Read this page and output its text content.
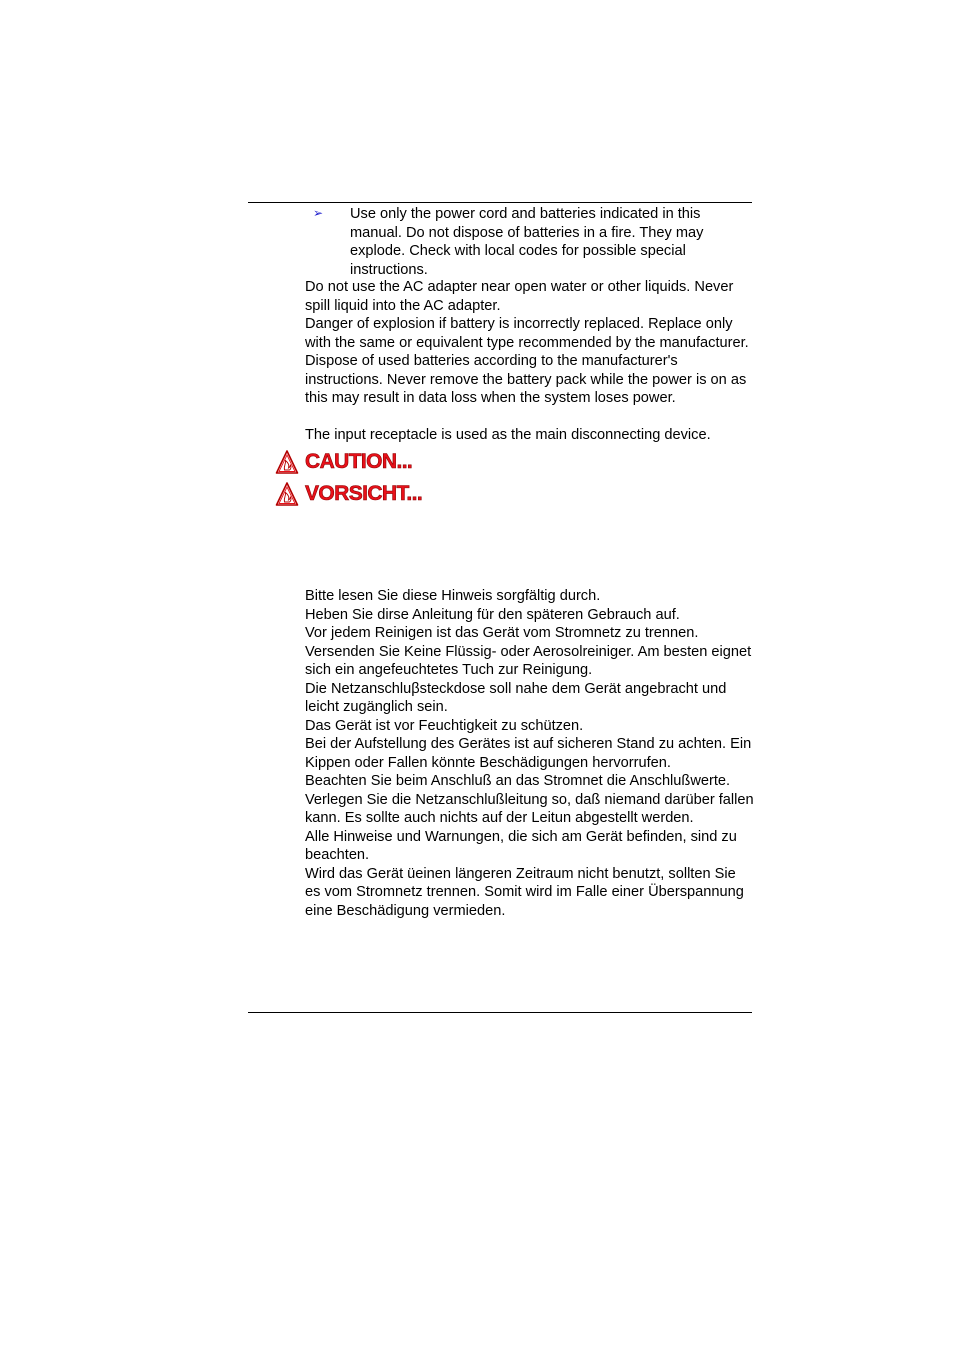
➢ Use only the power cord and batteries indicated in this manual. Do not dispose of batteries in a fire. They may explode. Check with local codes for possible special instructions.

Do not use the AC adapter near open water or other liquids. Never spill liquid into the AC adapter.

Danger of explosion if battery is incorrectly replaced. Replace only with the same or equivalent type recommended by the manufacturer. Dispose of used batteries according to the manufacturer's instructions. Never remove the battery pack while the power is on as this may result in data loss when the system loses power.

The input receptacle is used as the main disconnecting device.

CAUTION...
VORSICHT...
Bitte lesen Sie diese Hinweis sorgfältig durch.
Heben Sie dirse Anleitung für den späteren Gebrauch auf.
Vor jedem Reinigen ist das Gerät vom Stromnetz zu trennen. Versenden Sie Keine Flüssig- oder Aerosolreiniger. Am besten eignet sich ein angefeuchtetes Tuch zur Reinigung.
Die Netzanschluβsteckdose soll nahe dem Gerät angebracht und leicht zugänglich sein.
Das Gerät ist vor Feuchtigkeit zu schützen.
Bei der Aufstellung des Gerätes ist auf sicheren Stand zu achten. Ein Kippen oder Fallen könnte Beschädigungen hervorrufen.
Beachten Sie beim Anschluß an das Stromnet die Anschlußwerte.
Verlegen Sie die Netzanschlußleitung so, daß niemand darüber fallen kann. Es sollte auch nichts auf der Leitun abgestellt werden.
Alle Hinweise und Warnungen, die sich am Gerät befinden, sind zu beachten.
Wird das Gerät üeinen längeren Zeitraum nicht benutzt, sollten Sie es vom Stromnetz trennen. Somit wird im Falle einer Überspannung eine Beschädigung vermieden.
